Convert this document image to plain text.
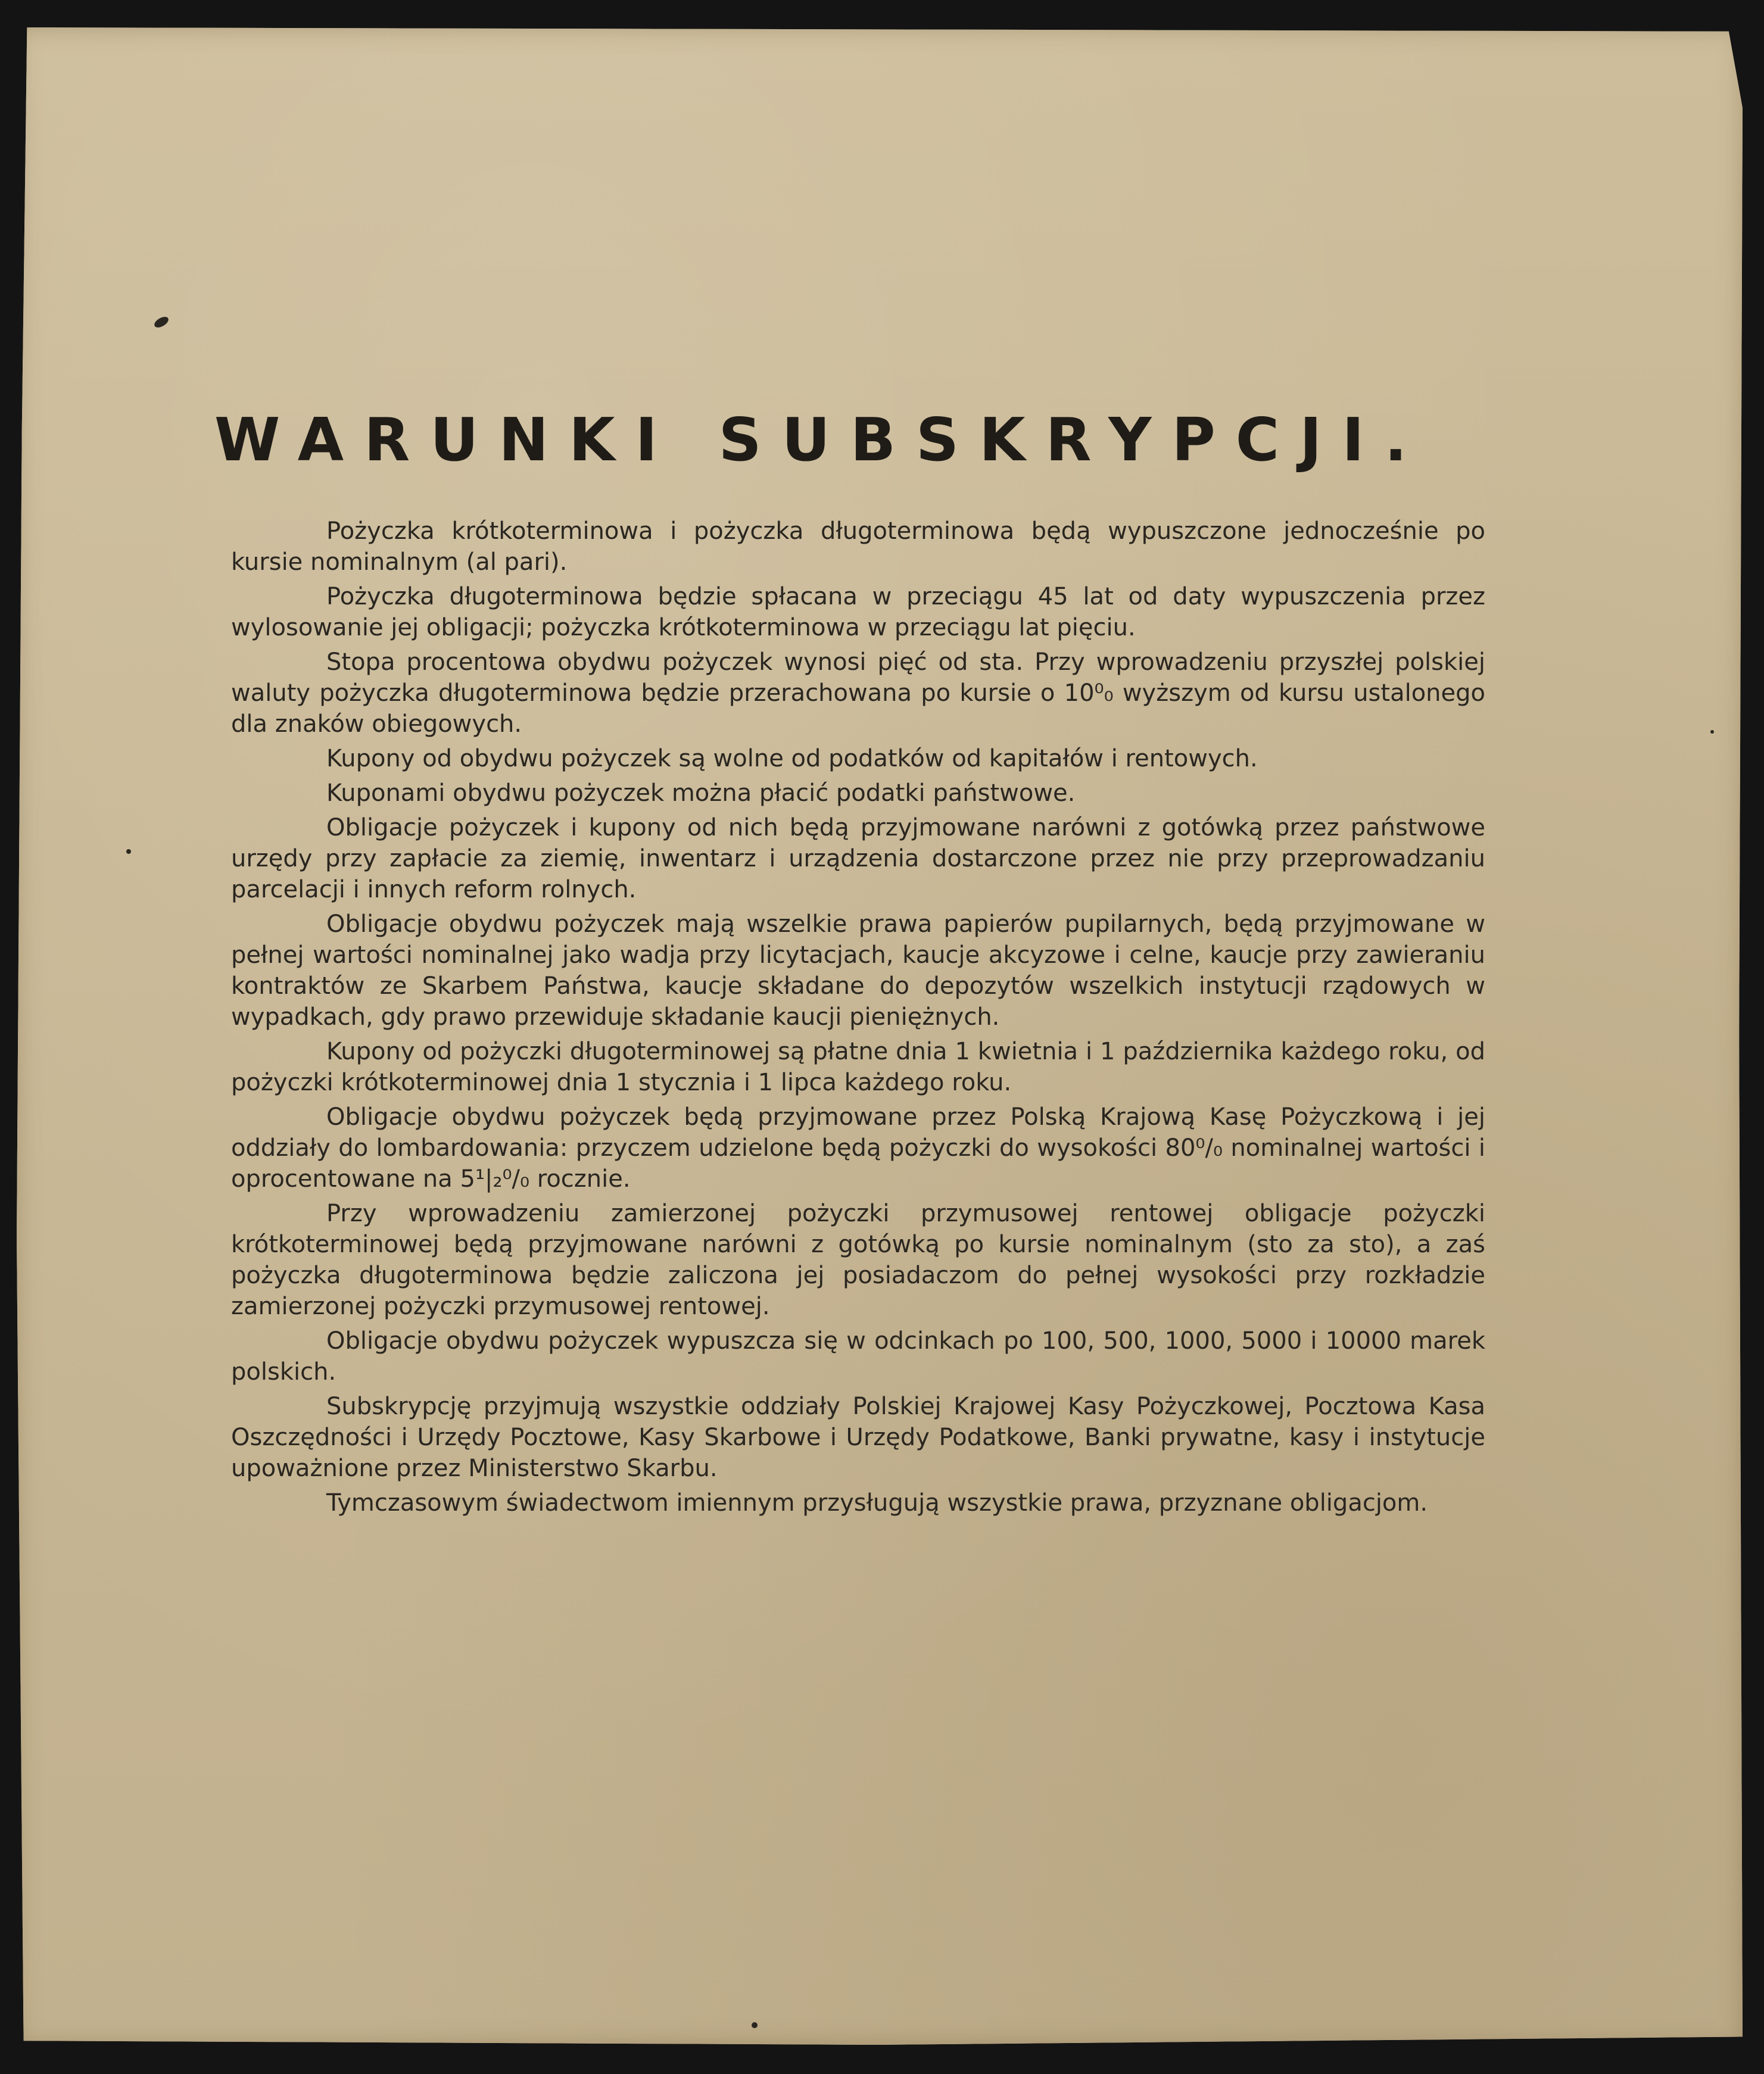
WARUNKI SUBSKRYPCJI.

Pożyczka krótkoterminowa i pożyczka długoterminowa będą wypuszczone jednocześnie po kursie nominalnym (al pari).

Pożyczka długoterminowa będzie spłacana w przeciągu 45 lat od daty wypuszczenia przez wylosowanie jej obligacji; pożyczka krótkoterminowa w przeciągu lat pięciu.

Stopa procentowa obydwu pożyczek wynosi pięć od sta. Przy wprowadzeniu przyszłej polskiej waluty pożyczka długoterminowa będzie przerachowana po kursie o 10⁰₀ wyższym od kursu ustalonego dla znaków obiegowych.

Kupony od obydwu pożyczek są wolne od podatków od kapitałów i rentowych.

Kuponami obydwu pożyczek można płacić podatki państwowe.

Obligacje pożyczek i kupony od nich będą przyjmowane narówni z gotówką przez państwowe urzędy przy zapłacie za ziemię, inwentarz i urządzenia dostarczone przez nie przy przeprowadzaniu parcelacji i innych reform rolnych.

Obligacje obydwu pożyczek mają wszelkie prawa papierów pupilarnych, będą przyjmowane w pełnej wartości nominalnej jako wadja przy licytacjach, kaucje akcyzowe i celne, kaucje przy zawieraniu kontraktów ze Skarbem Państwa, kaucje składane do depozytów wszelkich instytucji rządowych w wypadkach, gdy prawo przewiduje składanie kaucji pieniężnych.

Kupony od pożyczki długoterminowej są płatne dnia 1 kwietnia i 1 października każdego roku, od pożyczki krótkoterminowej dnia 1 stycznia i 1 lipca każdego roku.

Obligacje obydwu pożyczek będą przyjmowane przez Polską Krajową Kasę Pożyczkową i jej oddziały do lombardowania: przyczem udzielone będą pożyczki do wysokości 80⁰/₀ nominalnej wartości i oprocentowane na 5¹|₂⁰/₀ rocznie.

Przy wprowadzeniu zamierzonej pożyczki przymusowej rentowej obligacje pożyczki krótkoterminowej będą przyjmowane narówni z gotówką po kursie nominalnym (sto za sto), a zaś pożyczka długoterminowa będzie zaliczona jej posiadaczom do pełnej wysokości przy rozkładzie zamierzonej pożyczki przymusowej rentowej.

Obligacje obydwu pożyczek wypuszcza się w odcinkach po 100, 500, 1000, 5000 i 10000 marek polskich.

Subskrypcję przyjmują wszystkie oddziały Polskiej Krajowej Kasy Pożyczkowej, Pocztowa Kasa Oszczędności i Urzędy Pocztowe, Kasy Skarbowe i Urzędy Podatkowe, Banki prywatne, kasy i instytucje upoważnione przez Ministerstwo Skarbu.

Tymczasowym świadectwom imiennym przysługują wszystkie prawa, przyznane obligacjom.
